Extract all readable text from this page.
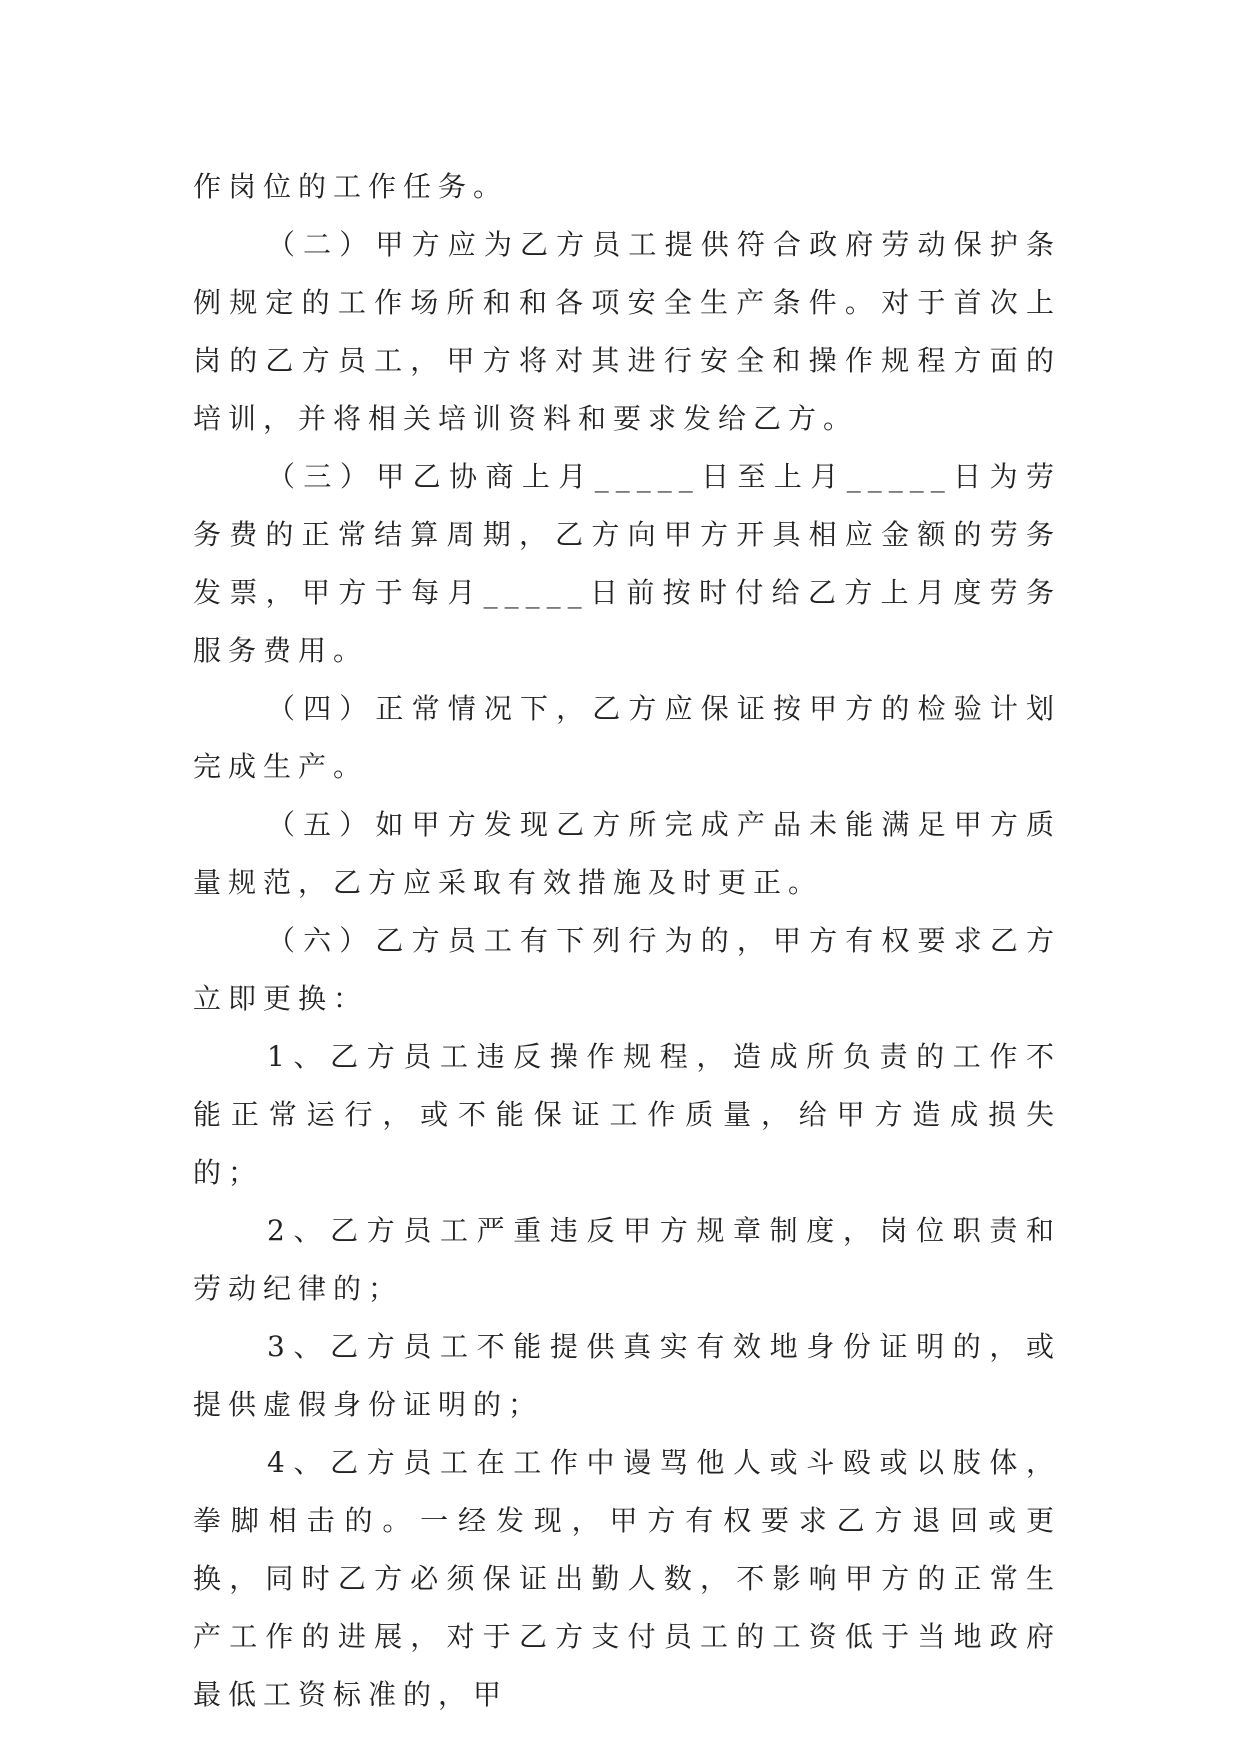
作岗位的工作任务。

（二）甲方应为乙方员工提供符合政府劳动保护条例规定的工作场所和和各项安全生产条件。对于首次上岗的乙方员工，甲方将对其进行安全和操作规程方面的培训，并将相关培训资料和要求发给乙方。

（三）甲乙协商上月_____日至上月_____日为劳务费的正常结算周期，乙方向甲方开具相应金额的劳务发票，甲方于每月_____日前按时付给乙方上月度劳务服务费用。

（四）正常情况下，乙方应保证按甲方的检验计划完成生产。

（五）如甲方发现乙方所完成产品未能满足甲方质量规范，乙方应采取有效措施及时更正。

（六）乙方员工有下列行为的，甲方有权要求乙方立即更换：

1、乙方员工违反操作规程，造成所负责的工作不能正常运行，或不能保证工作质量，给甲方造成损失的；

2、乙方员工严重违反甲方规章制度，岗位职责和劳动纪律的；

3、乙方员工不能提供真实有效地身份证明的，或提供虚假身份证明的；

4、乙方员工在工作中谩骂他人或斗殴或以肢体，拳脚相击的。一经发现，甲方有权要求乙方退回或更换，同时乙方必须保证出勤人数，不影响甲方的正常生产工作的进展，对于乙方支付员工的工资低于当地政府最低工资标准的，甲
